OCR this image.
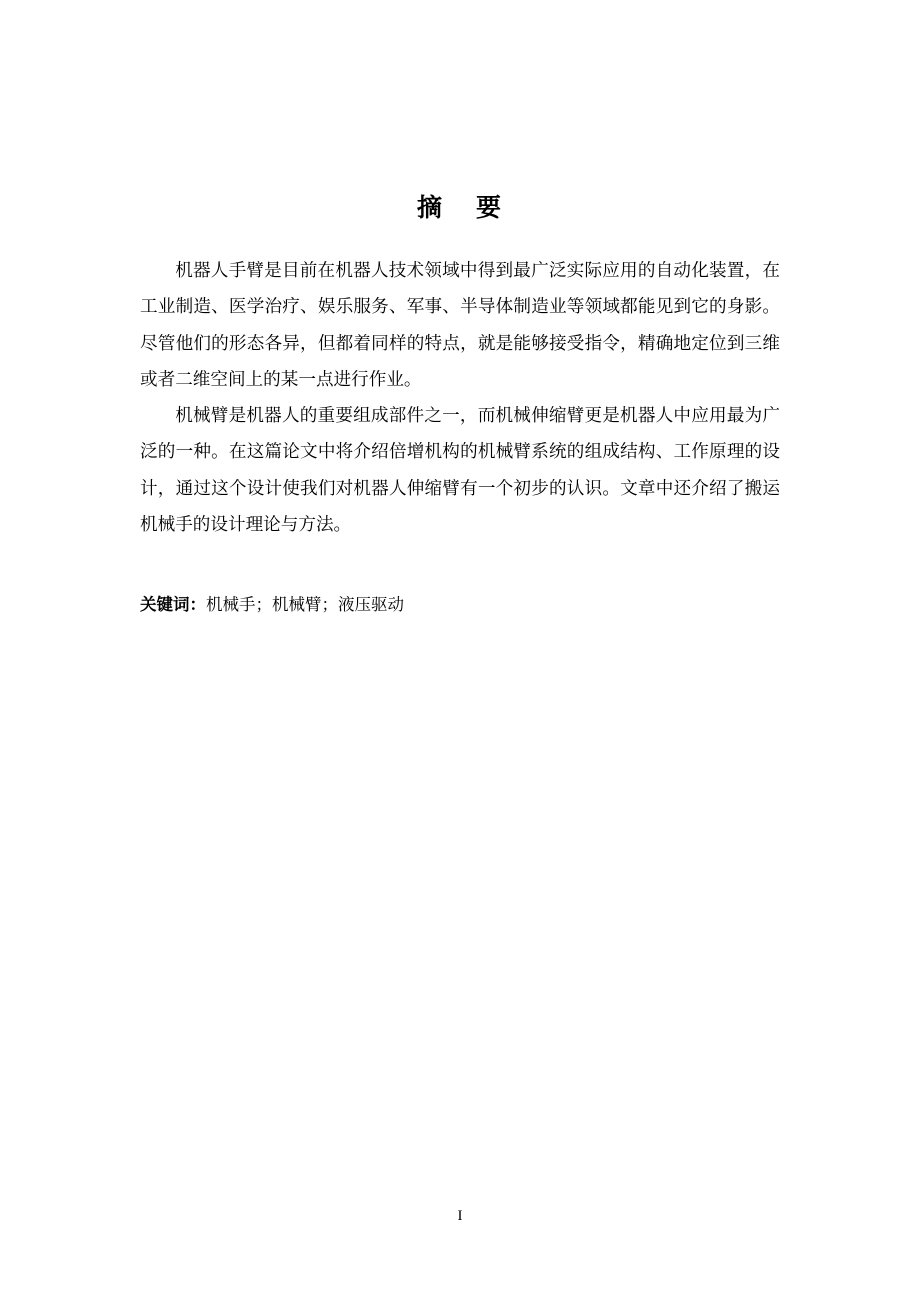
摘 要

机器人手臂是目前在机器人技术领域中得到最广泛实际应用的自动化装置，在工业制造、医学治疗、娱乐服务、军事、半导体制造业等领域都能见到它的身影。尽管他们的形态各异，但都着同样的特点，就是能够接受指令，精确地定位到三维或者二维空间上的某一点进行作业。

机械臂是机器人的重要组成部件之一，而机械伸缩臂更是机器人中应用最为广泛的一种。在这篇论文中将介绍倍增机构的机械臂系统的组成结构、工作原理的设计，通过这个设计使我们对机器人伸缩臂有一个初步的认识。文章中还介绍了搬运机械手的设计理论与方法。

关键词：机械手；机械臂；液压驱动

I
